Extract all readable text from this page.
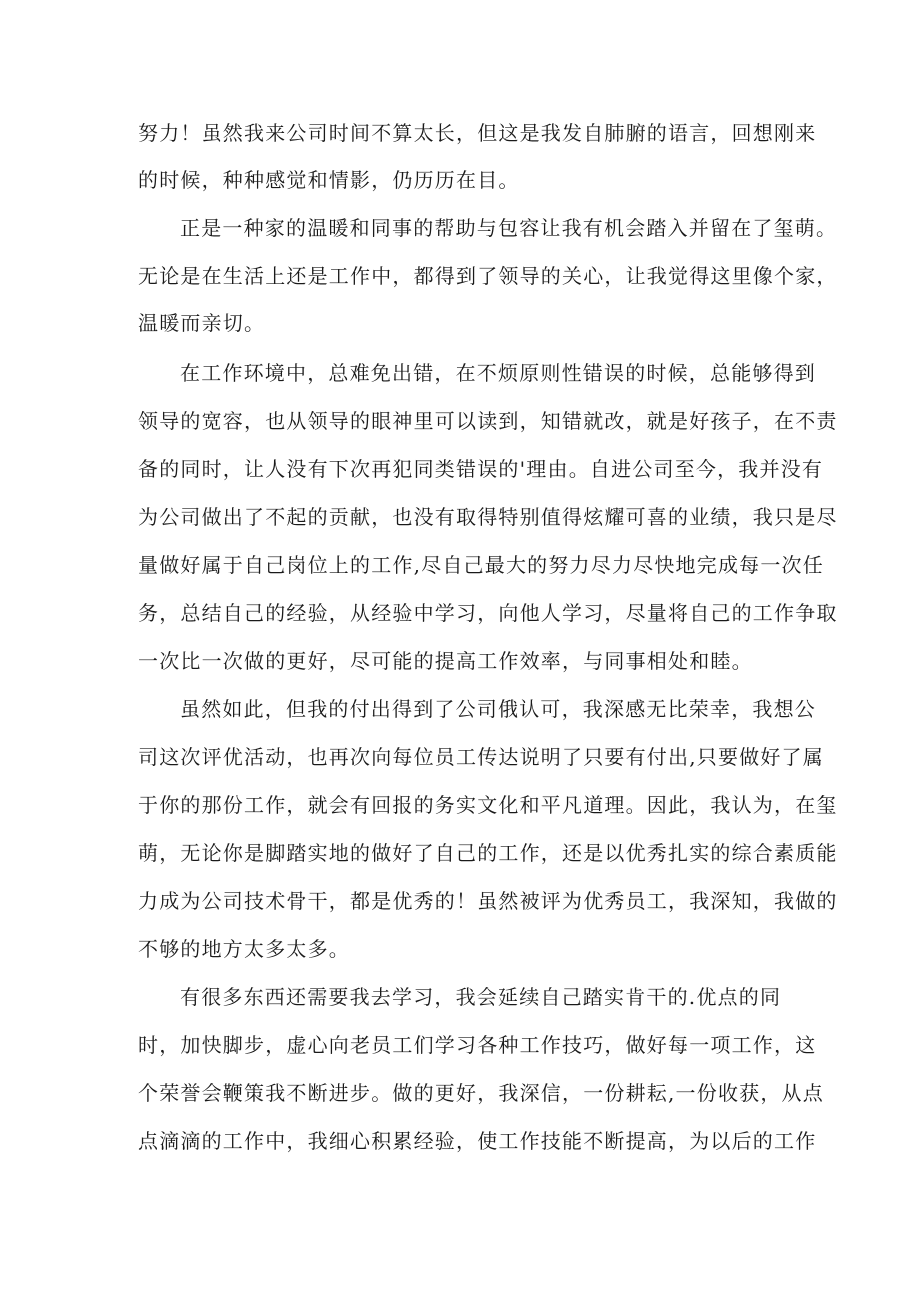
努力！虽然我来公司时间不算太长，但这是我发自肺腑的语言，回想刚来
的时候，种种感觉和情影，仍历历在目。
正是一种家的温暖和同事的帮助与包容让我有机会踏入并留在了玺萌。
无论是在生活上还是工作中，都得到了领导的关心，让我觉得这里像个家，
温暖而亲切。
在工作环境中，总难免出错，在不烦原则性错误的时候，总能够得到
领导的宽容，也从领导的眼神里可以读到，知错就改，就是好孩子，在不责
备的同时，让人没有下次再犯同类错误的'理由。自进公司至今，我并没有
为公司做出了不起的贡献，也没有取得特别值得炫耀可喜的业绩，我只是尽
量做好属于自己岗位上的工作,尽自己最大的努力尽力尽快地完成每一次任
务，总结自己的经验，从经验中学习，向他人学习，尽量将自己的工作争取
一次比一次做的更好，尽可能的提高工作效率，与同事相处和睦。
虽然如此，但我的付出得到了公司俄认可，我深感无比荣幸，我想公
司这次评优活动，也再次向每位员工传达说明了只要有付出,只要做好了属
于你的那份工作，就会有回报的务实文化和平凡道理。因此，我认为，在玺
萌，无论你是脚踏实地的做好了自己的工作，还是以优秀扎实的综合素质能
力成为公司技术骨干，都是优秀的！虽然被评为优秀员工，我深知，我做的
不够的地方太多太多。
有很多东西还需要我去学习，我会延续自己踏实肯干的.优点的同
时，加快脚步，虚心向老员工们学习各种工作技巧，做好每一项工作，这
个荣誉会鞭策我不断进步。做的更好，我深信，一份耕耘,一份收获，从点
点滴滴的工作中，我细心积累经验，使工作技能不断提高，为以后的工作
